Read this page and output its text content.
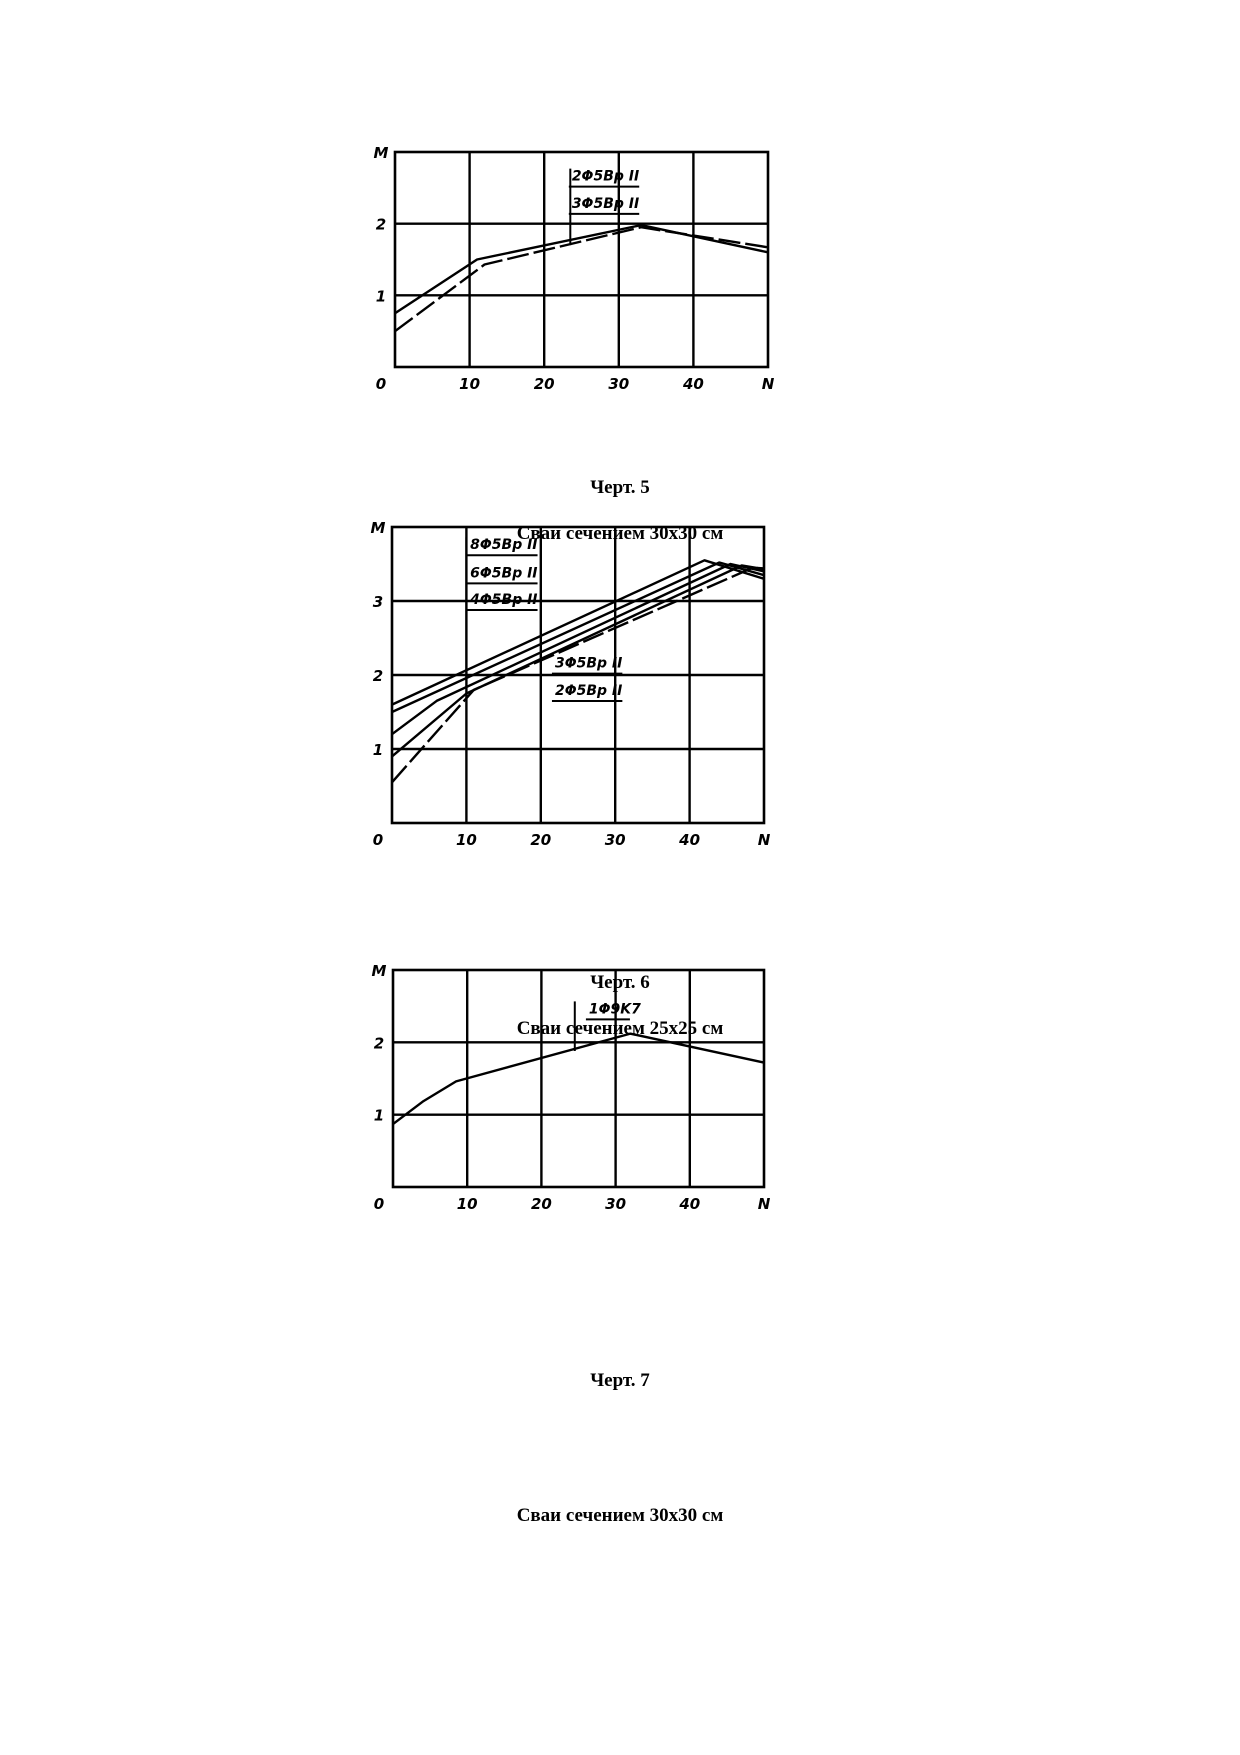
0	10	20	30	40	N
1
2
M
2Φ5Bp II
3Φ5Bp II
Черт. 5
Сваи сечением 30х30 см
0	10	20	30	40	N
1
2
3
M
8Φ5Bp II
6Φ5Bp II
4Φ5Bp II
3Φ5Bp II
2Φ5Bp II
Черт. 6
Сваи сечением 25х25 см
0	10	20	30	40	N
1
2
M
1Φ9K7
Черт. 7
Сваи сечением 30х30 см
